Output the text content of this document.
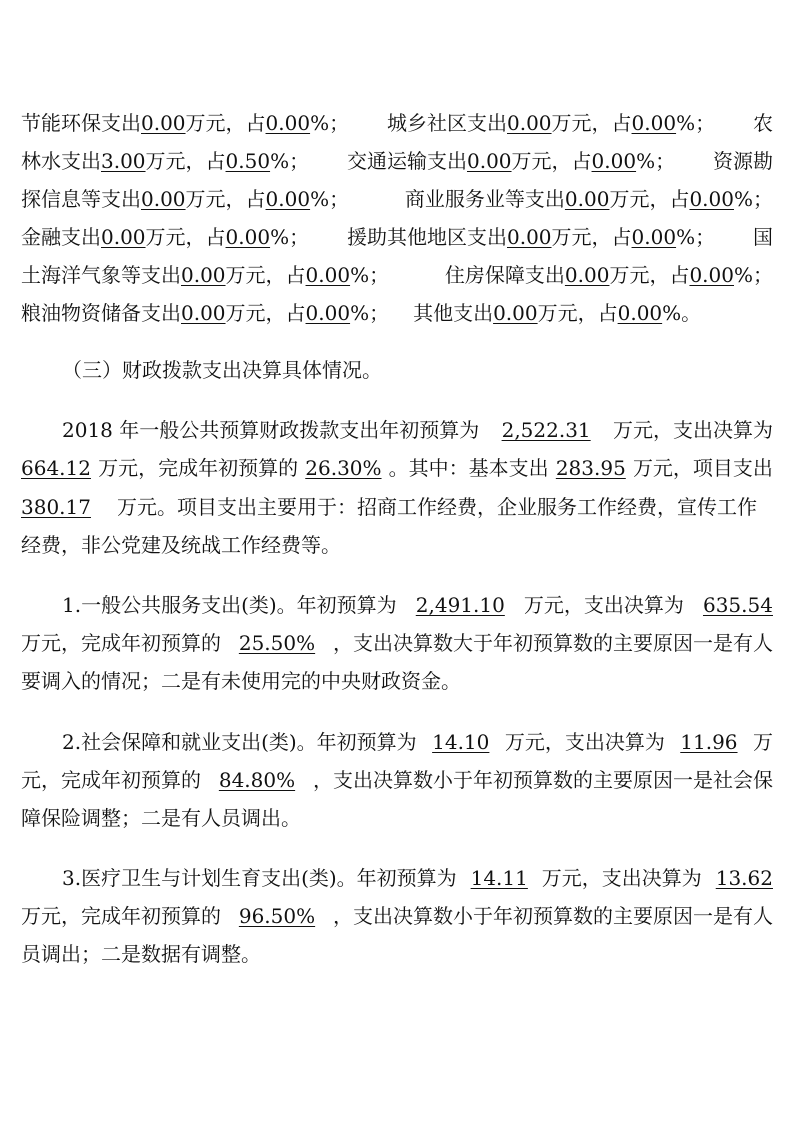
节能环保支出0.00万元，占0.00%； 城乡社区支出0.00万元，占0.00%； 农
林水支出3.00万元，占0.50%； 交通运输支出0.00万元，占0.00%； 资源勘
探信息等支出0.00万元，占0.00%；	商业服务业等支出0.00万元，占0.00%；
金融支出0.00万元，占0.00%； 援助其他地区支出0.00万元，占0.00%； 国
土海洋气象等支出0.00万元，占0.00%；	住房保障支出0.00万元，占0.00%；
粮油物资储备支出0.00万元，占0.00%； 其他支出0.00万元，占0.00%。
（三）财政拨款支出决算具体情况。
2018 年一般公共预算财政拨款支出年初预算为 2,522.31 万元，支出决算为
664.12 万元，完成年初预算的 26.30% 。其中：基本支出 283.95 万元，项目支出
380.17 万元。项目支出主要用于：招商工作经费，企业服务工作经费，宣传工作
经费，非公党建及统战工作经费等。
1.一般公共服务支出(类)。年初预算为 2,491.10 万元，支出决算为 635.54
万元，完成年初预算的 25.50% ，支出决算数大于年初预算数的主要原因一是有人
要调入的情况；二是有未使用完的中央财政资金。
2.社会保障和就业支出(类)。年初预算为 14.10 万元，支出决算为 11.96 万
元，完成年初预算的 84.80% ，支出决算数小于年初预算数的主要原因一是社会保
障保险调整；二是有人员调出。
3.医疗卫生与计划生育支出(类)。年初预算为 14.11 万元，支出决算为 13.62
万元，完成年初预算的 96.50% ，支出决算数小于年初预算数的主要原因一是有人
员调出；二是数据有调整。
